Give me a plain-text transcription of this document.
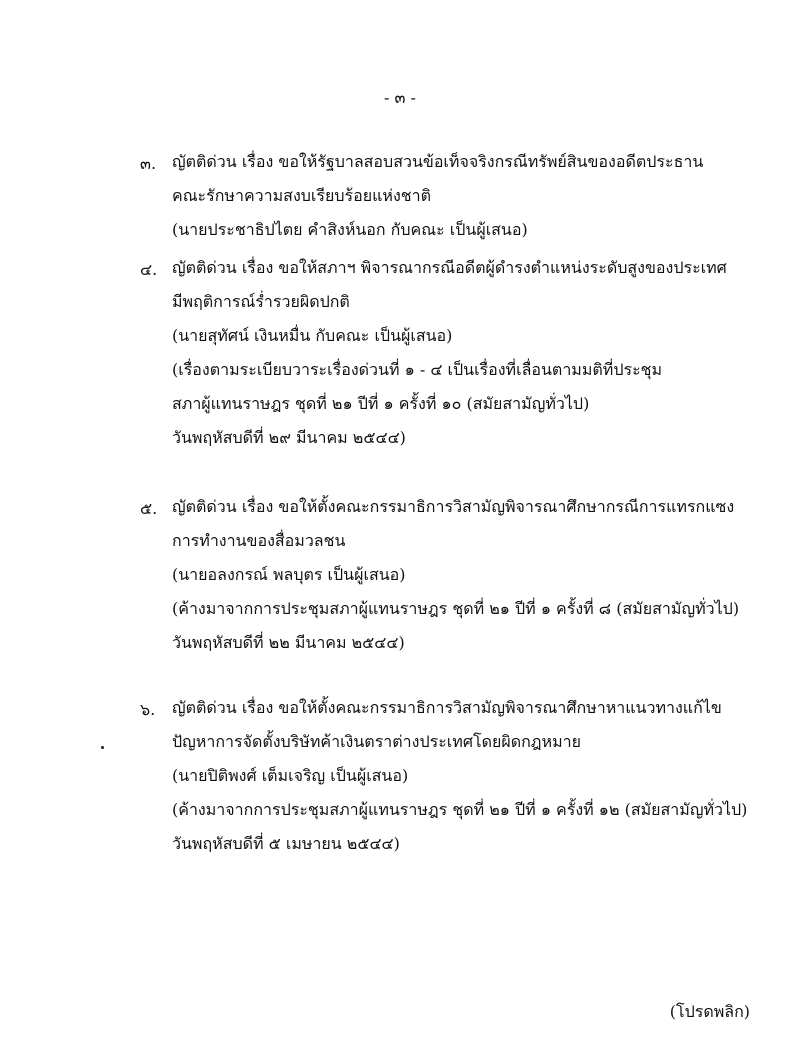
- ๓ -
๓. ญัตติด่วน เรื่อง ขอให้รัฐบาลสอบสวนข้อเท็จจริงกรณีทรัพย์สินของอดีตประธาน
คณะรักษาความสงบเรียบร้อยแห่งชาติ
(นายประชาธิปไตย คำสิงห์นอก กับคณะ เป็นผู้เสนอ)
๔. ญัตติด่วน เรื่อง ขอให้สภาฯ พิจารณากรณีอดีตผู้ดำรงตำแหน่งระดับสูงของประเทศ
มีพฤติการณ์ร่ำรวยผิดปกติ
(นายสุทัศน์ เงินหมื่น กับคณะ เป็นผู้เสนอ)
(เรื่องตามระเบียบวาระเรื่องด่วนที่ ๑ - ๔ เป็นเรื่องที่เลื่อนตามมติที่ประชุม
สภาผู้แทนราษฎร ชุดที่ ๒๑ ปีที่ ๑ ครั้งที่ ๑๐ (สมัยสามัญทั่วไป)
วันพฤหัสบดีที่ ๒๙ มีนาคม ๒๕๔๔)
๕. ญัตติด่วน เรื่อง ขอให้ตั้งคณะกรรมาธิการวิสามัญพิจารณาศึกษากรณีการแทรกแซง
การทำงานของสื่อมวลชน
(นายอลงกรณ์ พลบุตร เป็นผู้เสนอ)
(ค้างมาจากการประชุมสภาผู้แทนราษฎร ชุดที่ ๒๑ ปีที่ ๑ ครั้งที่ ๘ (สมัยสามัญทั่วไป)
วันพฤหัสบดีที่ ๒๒ มีนาคม ๒๕๔๔)
๖.	ญัตติด่วน เรื่อง ขอให้ตั้งคณะกรรมาธิการวิสามัญพิจารณาศึกษาหาแนวทางแก้ไข
ปัญหาการจัดตั้งบริษัทค้าเงินตราต่างประเทศโดยผิดกฎหมาย
(นายปิติพงศ์ เต็มเจริญ เป็นผู้เสนอ)
(ค้างมาจากการประชุมสภาผู้แทนราษฎร ชุดที่ ๒๑ ปีที่ ๑ ครั้งที่ ๑๒ (สมัยสามัญทั่วไป)
วันพฤหัสบดีที่ ๕ เมษายน ๒๕๔๔)
(โปรดพลิก)
